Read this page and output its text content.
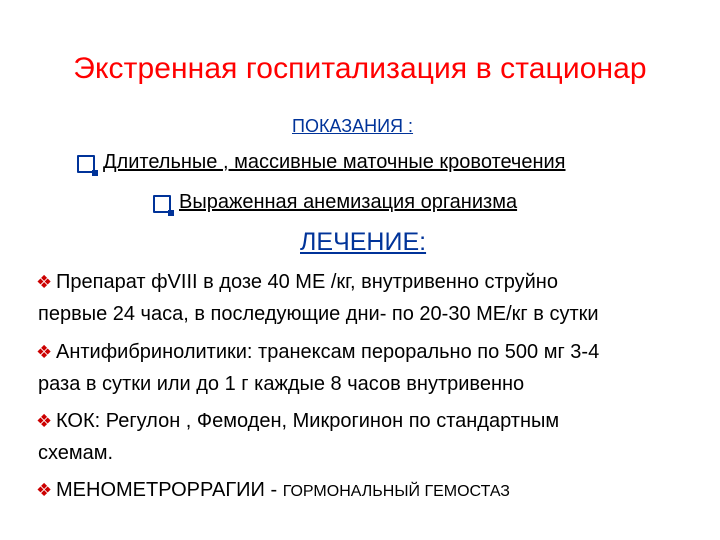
Экстренная госпитализация в стационар
ПОКАЗАНИЯ :
Длительные , массивные маточные кровотечения
Выраженная анемизация организма
ЛЕЧЕНИЕ:
❖ Препарат фVIII в дозе 40 МЕ /кг, внутривенно струйно
первые 24 часа, в последующие дни- по 20-30 МЕ/кг в сутки
❖ Антифибринолитики: транексам перорально по 500 мг 3-4
раза в сутки или до 1 г каждые 8 часов внутривенно
❖ КОК: Регулон , Фемоден, Микрогинон по стандартным
схемам.
❖ МЕНОМЕТРОРРАГИИ - ГОРМОНАЛЬНЫЙ ГЕМОСТАЗ
